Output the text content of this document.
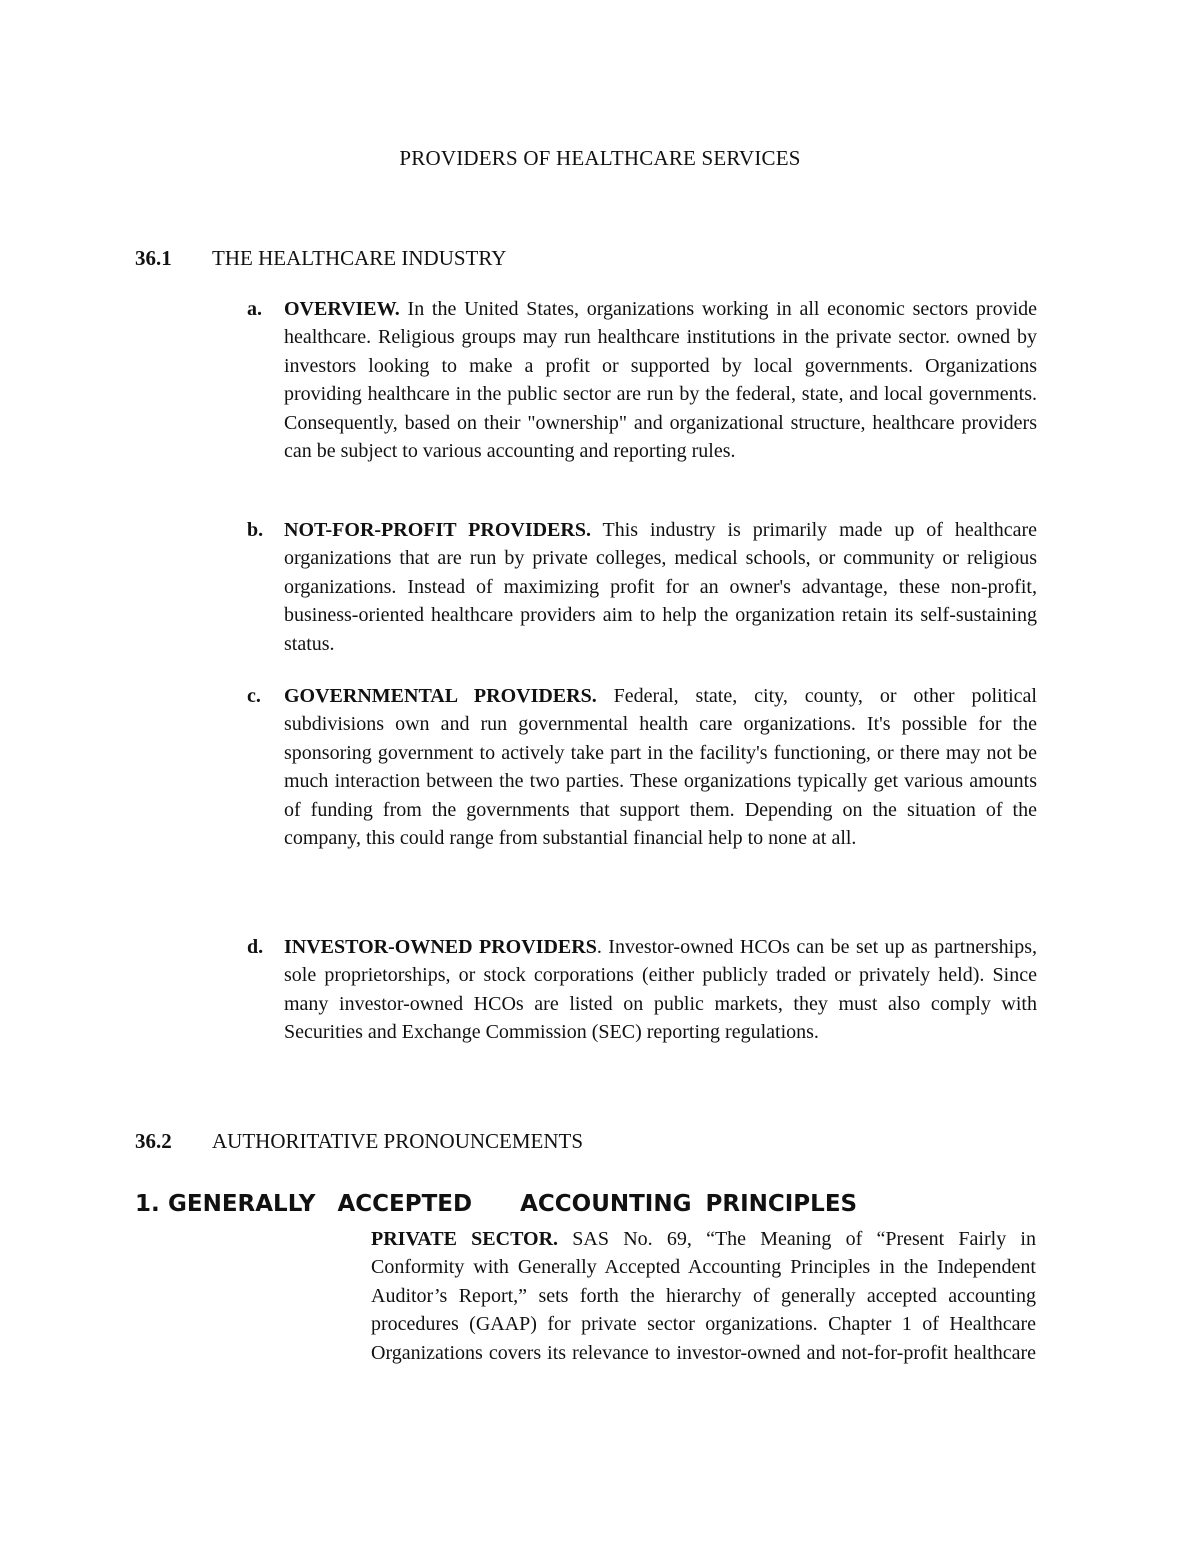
PROVIDERS OF HEALTHCARE SERVICES
36.1 THE HEALTHCARE INDUSTRY
a. OVERVIEW. In the United States, organizations working in all economic sectors provide healthcare. Religious groups may run healthcare institutions in the private sector. owned by investors looking to make a profit or supported by local governments. Organizations providing healthcare in the public sector are run by the federal, state, and local governments. Consequently, based on their "ownership" and organizational structure, healthcare providers can be subject to various accounting and reporting rules.
b. NOT-FOR-PROFIT PROVIDERS. This industry is primarily made up of healthcare organizations that are run by private colleges, medical schools, or community or religious organizations. Instead of maximizing profit for an owner's advantage, these non-profit, business-oriented healthcare providers aim to help the organization retain its self-sustaining status.
c. GOVERNMENTAL PROVIDERS. Federal, state, city, county, or other political subdivisions own and run governmental health care organizations. It's possible for the sponsoring government to actively take part in the facility's functioning, or there may not be much interaction between the two parties. These organizations typically get various amounts of funding from the governments that support them. Depending on the situation of the company, this could range from substantial financial help to none at all.
d. INVESTOR-OWNED PROVIDERS. Investor-owned HCOs can be set up as partnerships, sole proprietorships, or stock corporations (either publicly traded or privately held). Since many investor-owned HCOs are listed on public markets, they must also comply with Securities and Exchange Commission (SEC) reporting regulations.
36.2 AUTHORITATIVE PRONOUNCEMENTS
1. GENERALLY ACCEPTED ACCOUNTING PRINCIPLES
PRIVATE SECTOR. SAS No. 69, “The Meaning of “Present Fairly in Conformity with Generally Accepted Accounting Principles in the Independent Auditor’s Report,” sets forth the hierarchy of generally accepted accounting procedures (GAAP) for private sector organizations. Chapter 1 of Healthcare Organizations covers its relevance to investor-owned and not-for-profit healthcare
